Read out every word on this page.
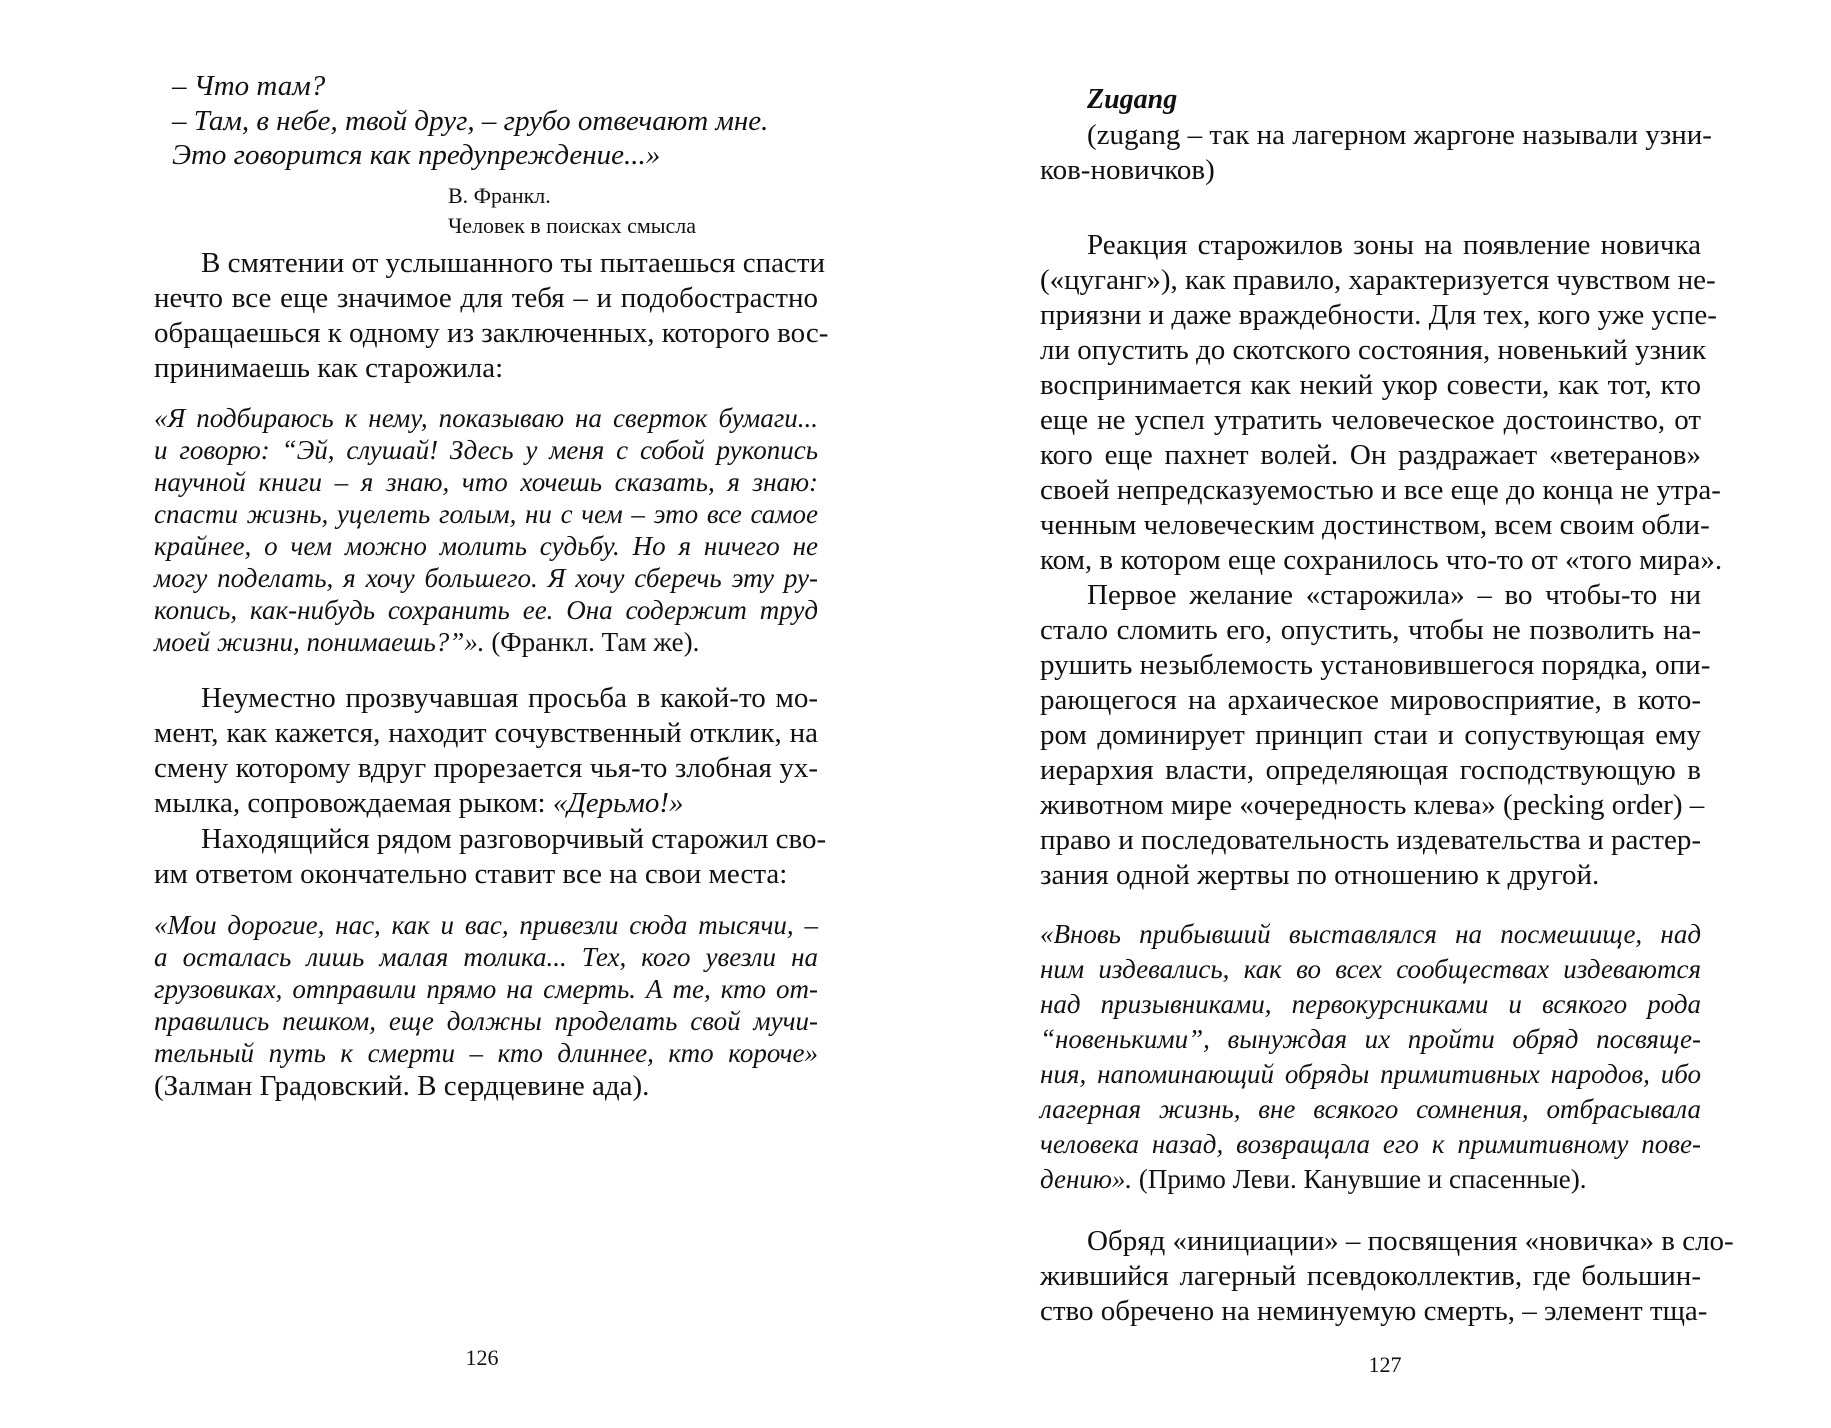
– Что там?
– Там, в небе, твой друг, – грубо отвечают мне.
Это говорится как предупреждение...»
В. Франкл.
Человек в поисках смысла
В смятении от услышанного ты пытаешься спасти
нечто все еще значимое для тебя – и подобострастно
обращаешься к одному из заключенных, которого вос-
принимаешь как старожила:
«Я подбираюсь к нему, показываю на сверток бумаги...
и говорю: “Эй, слушай! Здесь у меня с собой рукопись
научной книги – я знаю, что хочешь сказать, я знаю:
спасти жизнь, уцелеть голым, ни с чем – это все самое
крайнее, о чем можно молить судьбу. Но я ничего не
могу поделать, я хочу большего. Я хочу сберечь эту ру-
копись, как-нибудь сохранить ее. Она содержит труд
моей жизни, понимаешь?”». (Франкл. Там же).
Неуместно прозвучавшая просьба в какой-то мо-
мент, как кажется, находит сочувственный отклик, на
смену которому вдруг прорезается чья-то злобная ух-
мылка, сопровождаемая рыком: «Дерьмо!»
Находящийся рядом разговорчивый старожил сво-
им ответом окончательно ставит все на свои места:
«Мои дорогие, нас, как и вас, привезли сюда тысячи, –
а осталась лишь малая толика... Тех, кого увезли на
грузовиках, отправили прямо на смерть. А те, кто от-
правились пешком, еще должны проделать свой мучи-
тельный путь к смерти – кто длиннее, кто короче»
(Залман Градовский. В сердцевине ада).
126
Zugang
(zugang – так на лагерном жаргоне называли узни-
ков-новичков)
Реакция старожилов зоны на появление новичка
(«цуганг»), как правило, характеризуется чувством не-
приязни и даже враждебности. Для тех, кого уже успе-
ли опустить до скотского состояния, новенький узник
воспринимается как некий укор совести, как тот, кто
еще не успел утратить человеческое достоинство, от
кого еще пахнет волей. Он раздражает «ветеранов»
своей непредсказуемостью и все еще до конца не утра-
ченным человеческим достинством, всем своим обли-
ком, в котором еще сохранилось что-то от «того мира».
Первое желание «старожила» – во чтобы-то ни
стало сломить его, опустить, чтобы не позволить на-
рушить незыблемость установившегося порядка, опи-
рающегося на архаическое мировосприятие, в кото-
ром доминирует принцип стаи и сопуствующая ему
иерархия власти, определяющая господствующую в
животном мире «очередность клева» (pecking order) –
право и последовательность издевательства и растер-
зания одной жертвы по отношению к другой.
«Вновь прибывший выставлялся на посмешище, над
ним издевались, как во всех сообществах издеваются
над призывниками, первокурсниками и всякого рода
“новенькими”, вынуждая их пройти обряд посвяще-
ния, напоминающий обряды примитивных народов, ибо
лагерная жизнь, вне всякого сомнения, отбрасывала
человека назад, возвращала его к примитивному пове-
дению». (Примо Леви. Канувшие и спасенные).
Обряд «инициации» – посвящения «новичка» в сло-
жившийся лагерный псевдоколлектив, где большин-
ство обречено на неминуемую смерть, – элемент тща-
127
